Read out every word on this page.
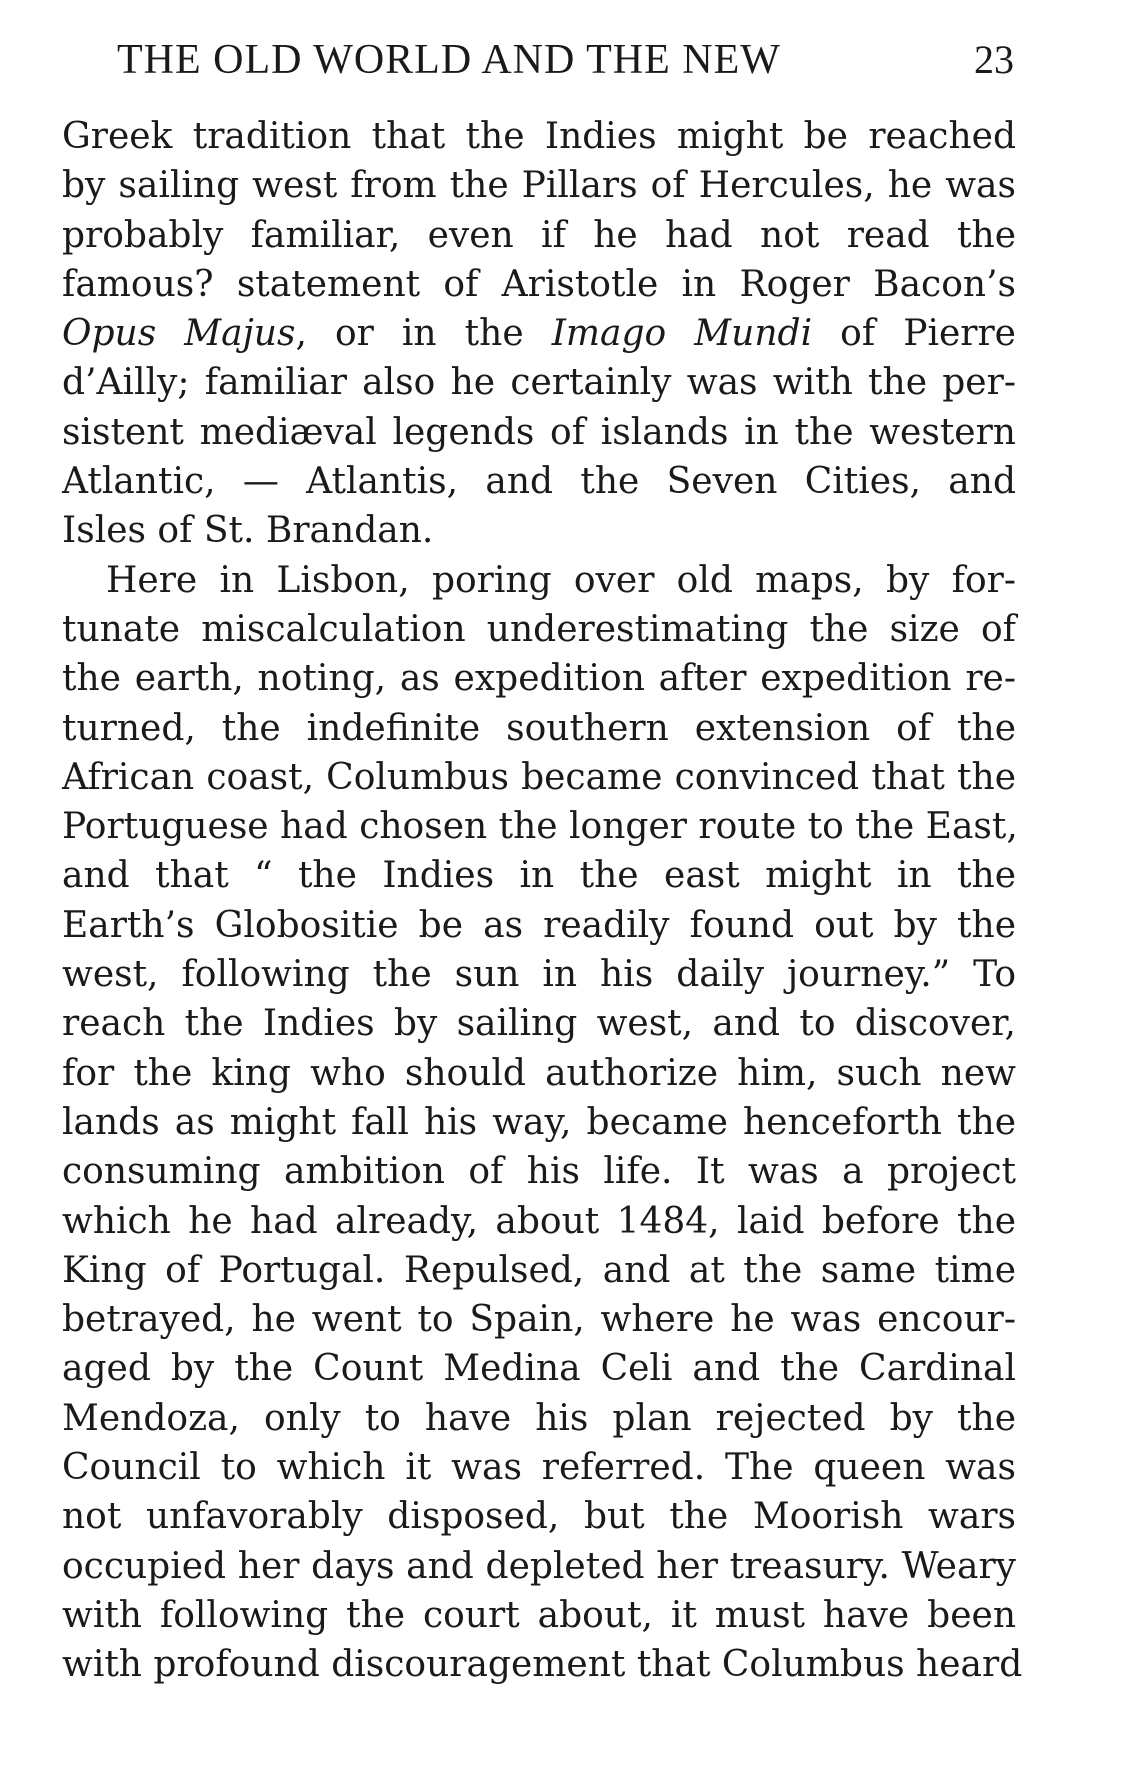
THE OLD WORLD AND THE NEW	23
Greek tradition that the Indies might be reached
by sailing west from the Pillars of Hercules, he was
probably familiar, even if he had not read the
famous? statement of Aristotle in Roger Bacon’s
Opus Majus, or in the Imago Mundi of Pierre
d’Ailly; familiar also he certainly was with the per-
sistent mediæval legends of islands in the western
Atlantic, — Atlantis, and the Seven Cities, and
Isles of St. Brandan.
Here in Lisbon, poring over old maps, by for-
tunate miscalculation underestimating the size of
the earth, noting, as expedition after expedition re-
turned, the indefinite southern extension of the
African coast, Columbus became convinced that the
Portuguese had chosen the longer route to the East,
and that “ the Indies in the east might in the
Earth’s Globositie be as readily found out by the
west, following the sun in his daily journey.” To
reach the Indies by sailing west, and to discover,
for the king who should authorize him, such new
lands as might fall his way, became henceforth the
consuming ambition of his life. It was a project
which he had already, about 1484, laid before the
King of Portugal. Repulsed, and at the same time
betrayed, he went to Spain, where he was encour-
aged by the Count Medina Celi and the Cardinal
Mendoza, only to have his plan rejected by the
Council to which it was referred. The queen was
not unfavorably disposed, but the Moorish wars
occupied her days and depleted her treasury. Weary
with following the court about, it must have been
with profound discouragement that Columbus heard
